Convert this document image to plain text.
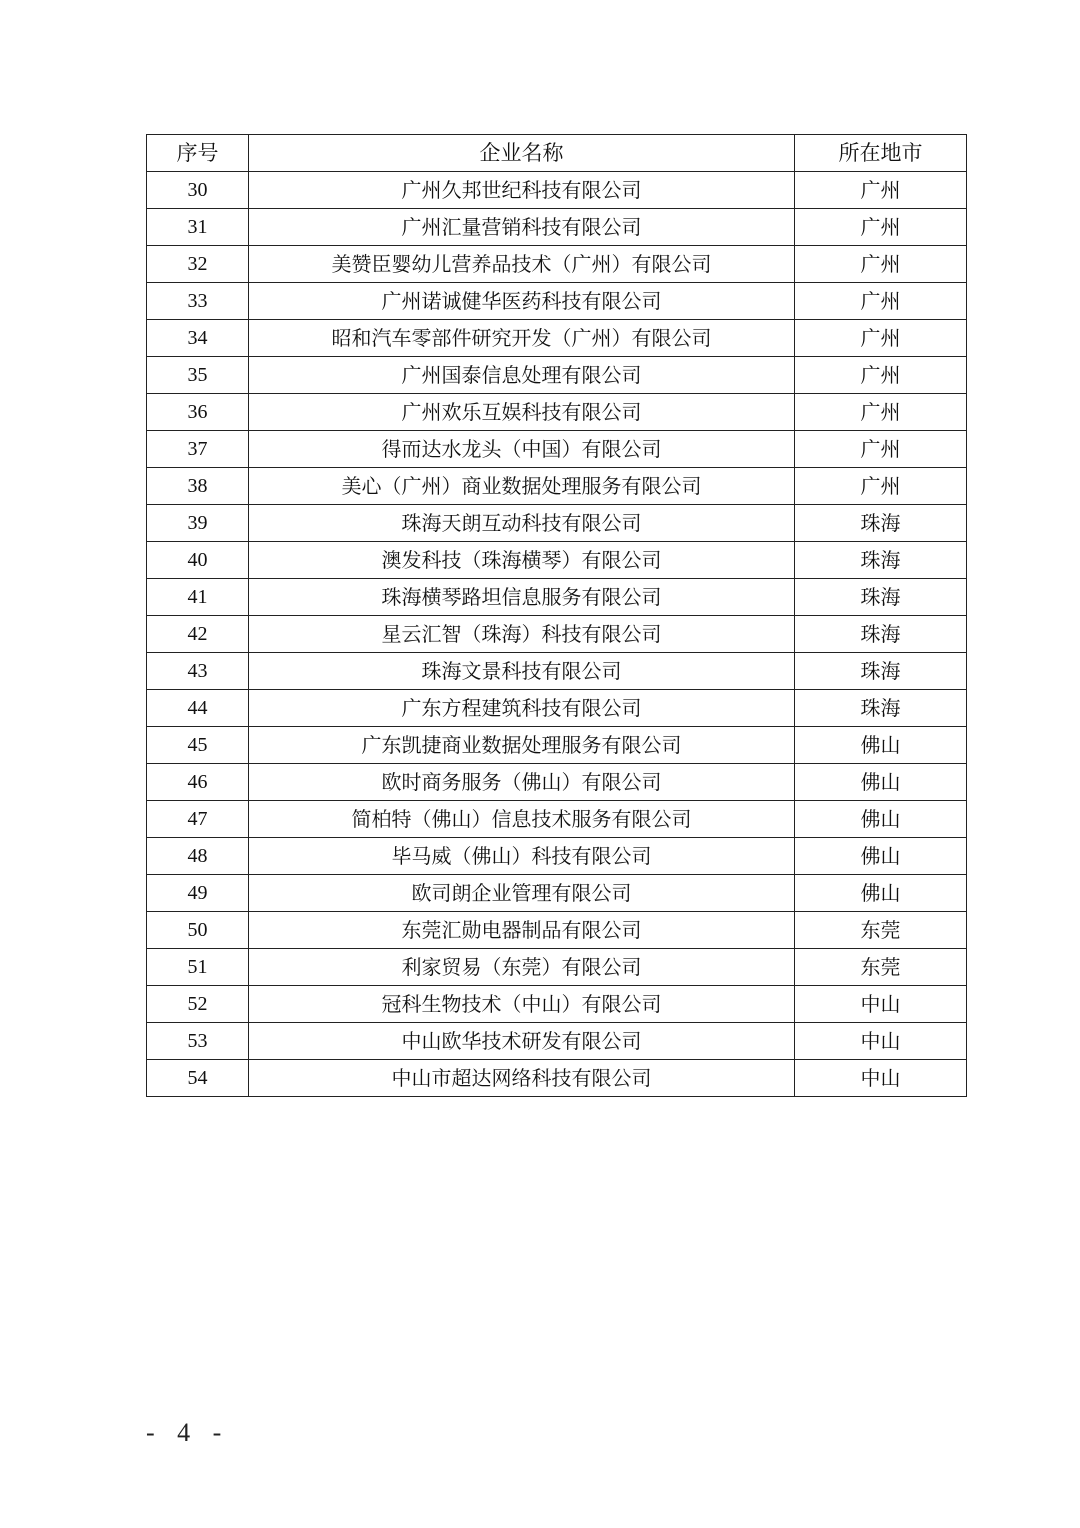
序号	企业名称	所在地市
30	广州久邦世纪科技有限公司	广州
31	广州汇量营销科技有限公司	广州
32	美赞臣婴幼儿营养品技术（广州）有限公司	广州
33	广州诺诚健华医药科技有限公司	广州
34	昭和汽车零部件研究开发（广州）有限公司	广州
35	广州国泰信息处理有限公司	广州
36	广州欢乐互娱科技有限公司	广州
37	得而达水龙头（中国）有限公司	广州
38	美心（广州）商业数据处理服务有限公司	广州
39	珠海天朗互动科技有限公司	珠海
40	澳发科技（珠海横琴）有限公司	珠海
41	珠海横琴路坦信息服务有限公司	珠海
42	星云汇智（珠海）科技有限公司	珠海
43	珠海文景科技有限公司	珠海
44	广东方程建筑科技有限公司	珠海
45	广东凯捷商业数据处理服务有限公司	佛山
46	欧时商务服务（佛山）有限公司	佛山
47	简柏特（佛山）信息技术服务有限公司	佛山
48	毕马威（佛山）科技有限公司	佛山
49	欧司朗企业管理有限公司	佛山
50	东莞汇勋电器制品有限公司	东莞
51	利家贸易（东莞）有限公司	东莞
52	冠科生物技术（中山）有限公司	中山
53	中山欧华技术研发有限公司	中山
54	中山市超达网络科技有限公司	中山
- 4 -
